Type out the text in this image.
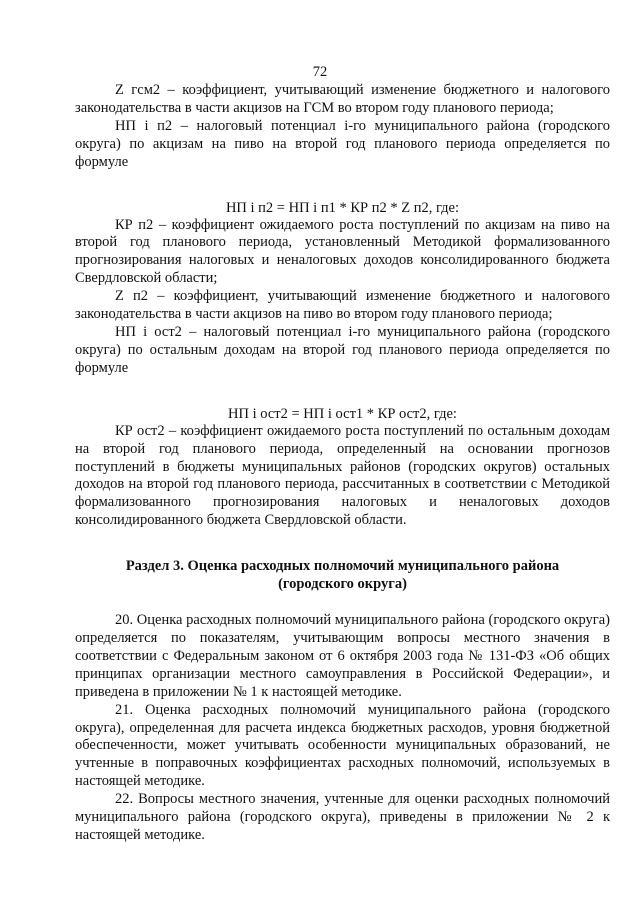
72

Z гсм2 – коэффициент, учитывающий изменение бюджетного и налогового законодательства в части акцизов на ГСМ во втором году планового периода;

НП i п2 – налоговый потенциал i-го муниципального района (городского округа) по акцизам на пиво на второй год планового периода определяется по формуле

НП i п2 = НП i п1 * КР п2 * Z п2, где:

КР п2 – коэффициент ожидаемого роста поступлений по акцизам на пиво на второй год планового периода, установленный Методикой формализованного прогнозирования налоговых и неналоговых доходов консолидированного бюджета Свердловской области;

Z п2 – коэффициент, учитывающий изменение бюджетного и налогового законодательства в части акцизов на пиво во втором году планового периода;

НП i ост2 – налоговый потенциал i-го муниципального района (городского округа) по остальным доходам на второй год планового периода определяется по формуле

НП i ост2 = НП i ост1 * КР ост2, где:

КР ост2 – коэффициент ожидаемого роста поступлений по остальным доходам на второй год планового периода, определенный на основании прогнозов поступлений в бюджеты муниципальных районов (городских округов) остальных доходов на второй год планового периода, рассчитанных в соответствии с Методикой формализованного прогнозирования налоговых и неналоговых доходов консолидированного бюджета Свердловской области.

Раздел 3. Оценка расходных полномочий муниципального района

(городского округа)

20. Оценка расходных полномочий муниципального района (городского округа) определяется по показателям, учитывающим вопросы местного значения в соответствии с Федеральным законом от 6 октября 2003 года № 131-ФЗ «Об общих принципах организации местного самоуправления в Российской Федерации», и приведена в приложении № 1 к настоящей методике.

21. Оценка расходных полномочий муниципального района (городского округа), определенная для расчета индекса бюджетных расходов, уровня бюджетной обеспеченности, может учитывать особенности муниципальных образований, не учтенные в поправочных коэффициентах расходных полномочий, используемых в настоящей методике.

22. Вопросы местного значения, учтенные для оценки расходных полномочий муниципального района (городского округа), приведены в приложении № 2 к настоящей методике.
